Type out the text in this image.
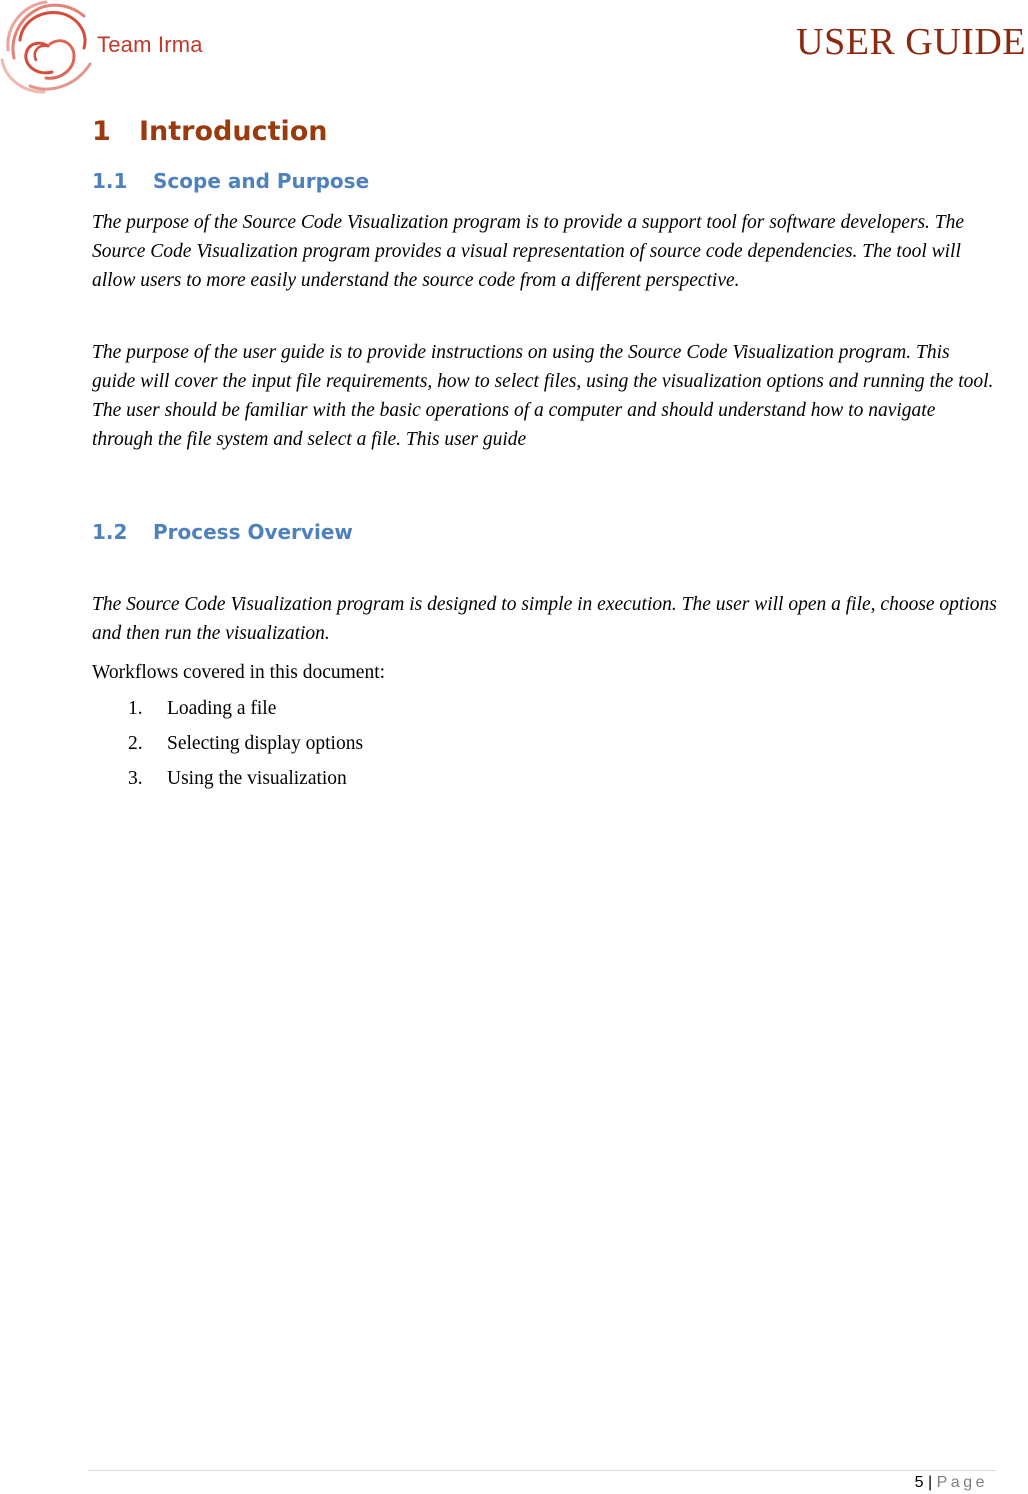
Team Irma	USER GUIDE
1 Introduction
1.1 Scope and Purpose

The purpose of the Source Code Visualization program is to provide a support tool for software developers. The Source Code Visualization program provides a visual representation of source code dependencies. The tool will allow users to more easily understand the source code from a different perspective.

The purpose of the user guide is to provide instructions on using the Source Code Visualization program. This guide will cover the input file requirements, how to select files, using the visualization options and running the tool. The user should be familiar with the basic operations of a computer and should understand how to navigate through the file system and select a file. This user guide

1.2 Process Overview

The Source Code Visualization program is designed to simple in execution. The user will open a file, choose options and then run the visualization.

Workflows covered in this document:

1. Loading a file
2. Selecting display options
3. Using the visualization
5 | Page
